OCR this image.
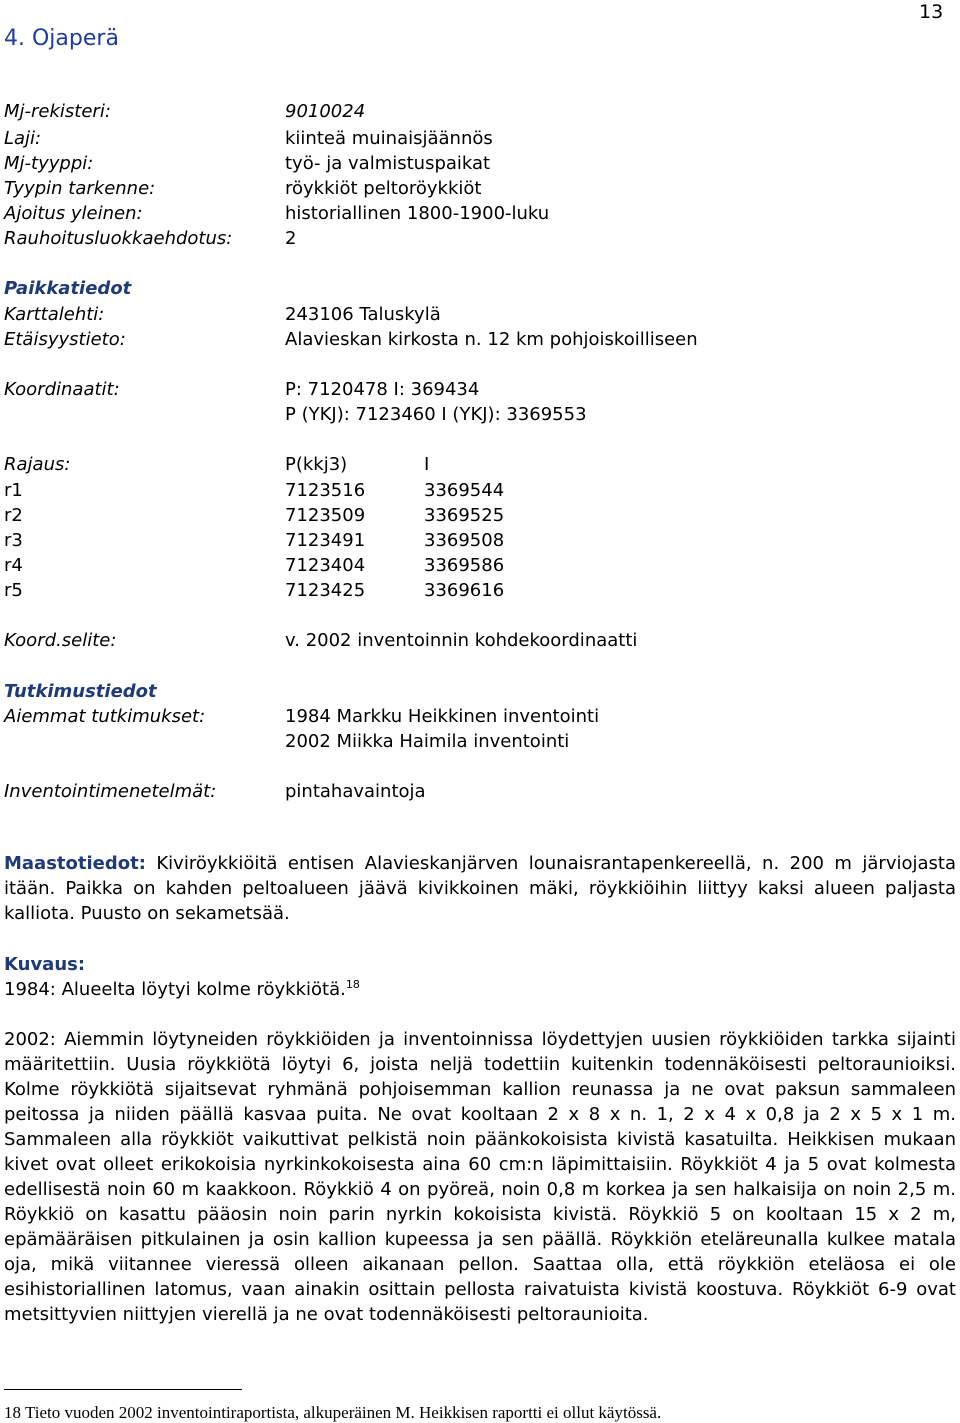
13
4. Ojaperä
Mj-rekisteri:	9010024
Laji:	kiinteä muinaisjäännös
Mj-tyyppi:	työ- ja valmistuspaikat
Tyypin tarkenne:	röykkiöt peltoröykkiöt
Ajoitus yleinen:	historiallinen 1800-1900-luku
Rauhoitusluokkaehdotus:	2
Paikkatiedot
Karttalehti:	243106 Taluskylä
Etäisyystieto:	Alavieskan kirkosta n. 12 km pohjoiskoilliseen
Koordinaatit:	P: 7120478 I: 369434
P (YKJ): 7123460 I (YKJ): 3369553
Rajaus:	P(kkj3)	I
r1	7123516	3369544
r2	7123509	3369525
r3	7123491	3369508
r4	7123404	3369586
r5	7123425	3369616
Koord.selite:	v. 2002 inventoinnin kohdekoordinaatti
Tutkimustiedot
Aiemmat tutkimukset:	1984 Markku Heikkinen inventointi
2002 Miikka Haimila inventointi
Inventointimenetelmät:	pintahavaintoja

Maastotiedot: Kiviröykkiöitä entisen Alavieskanjärven lounaisrantapenkereellä, n. 200 m järviojasta itään. Paikka on kahden peltoalueen jäävä kivikkoinen mäki, röykkiöihin liittyy kaksi alueen paljasta kalliota. Puusto on sekametsää.

Kuvaus:

1984: Alueelta löytyi kolme röykkiötä.$^{18}$

2002: Aiemmin löytyneiden röykkiöiden ja inventoinnissa löydettyjen uusien röykkiöiden tarkka sijainti määritettiin. Uusia röykkiötä löytyi 6, joista neljä todettiin kuitenkin todennäköisesti peltoraunioiksi. Kolme röykkiötä sijaitsevat ryhmänä pohjoisemman kallion reunassa ja ne ovat paksun sammaleen peitossa ja niiden päällä kasvaa puita. Ne ovat kooltaan 2 x 8 x n. 1, 2 x 4 x 0,8 ja 2 x 5 x 1 m. Sammaleen alla röykkiöt vaikuttivat pelkistä noin päänkokoisista kivistä kasatuilta. Heikkisen mukaan kivet ovat olleet erikokoisia nyrkinkokoisesta aina 60 cm:n läpimittaisiin. Röykkiöt 4 ja 5 ovat kolmesta edellisestä noin 60 m kaakkoon. Röykkiö 4 on pyöreä, noin 0,8 m korkea ja sen halkaisija on noin 2,5 m. Röykkiö on kasattu pääosin noin parin nyrkin kokoisista kivistä. Röykkiö 5 on kooltaan 15 x 2 m, epämääräisen pitkulainen ja osin kallion kupeessa ja sen päällä. Röykkiön eteläreunalla kulkee matala oja, mikä viitannee vieressä olleen aikanaan pellon. Saattaa olla, että röykkiön eteläosa ei ole esihistoriallinen latomus, vaan ainakin osittain pellosta raivatuista kivistä koostuva. Röykkiöt 6-9 ovat metsittyvien niittyjen vierellä ja ne ovat todennäköisesti peltoraunioita.

18 Tieto vuoden 2002 inventointiraportista, alkuperäinen M. Heikkisen raportti ei ollut käytössä.
